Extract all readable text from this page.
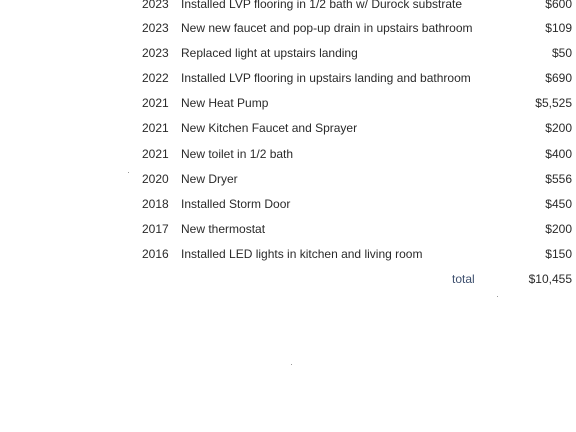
2023 Installed LVP flooring in 1/2 bath w/ Durock substrate	$600
2023 New new faucet and pop-up drain in upstairs bathroom	$109
2023 Replaced light at upstairs landing	$50
2022 Installed LVP flooring in upstairs landing and bathroom	$690
2021 New Heat Pump	$5,525
2021 New Kitchen Faucet and Sprayer	$200
2021 New toilet in 1/2 bath	$400
2020 New Dryer	$556
2018 Installed Storm Door	$450
2017 New thermostat	$200
2016 Installed LED lights in kitchen and living room	$150
total	$10,455
